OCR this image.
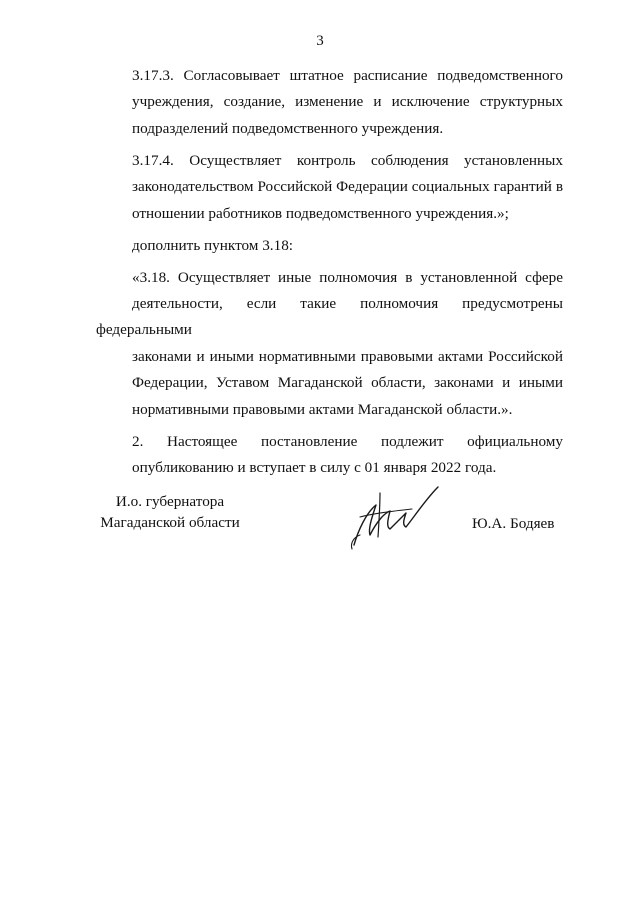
3

3.17.3. Согласовывает штатное расписание подведомственного
учреждения, создание, изменение и исключение структурных
подразделений подведомственного учреждения.

3.17.4. Осуществляет контроль соблюдения установленных
законодательством Российской Федерации социальных гарантий в
отношении работников подведомственного учреждения.»;

дополнить пунктом 3.18:

«3.18. Осуществляет иные полномочия в установленной сфере
деятельности, если такие полномочия предусмотрены федеральными
законами и иными нормативными правовыми актами Российской
Федерации, Уставом Магаданской области, законами и иными
нормативными правовыми актами Магаданской области.».

2. Настоящее постановление подлежит официальному
опубликованию и вступает в силу с 01 января 2022 года.

И.о. губернатора
Магаданской области	Ю.А. Бодяев
